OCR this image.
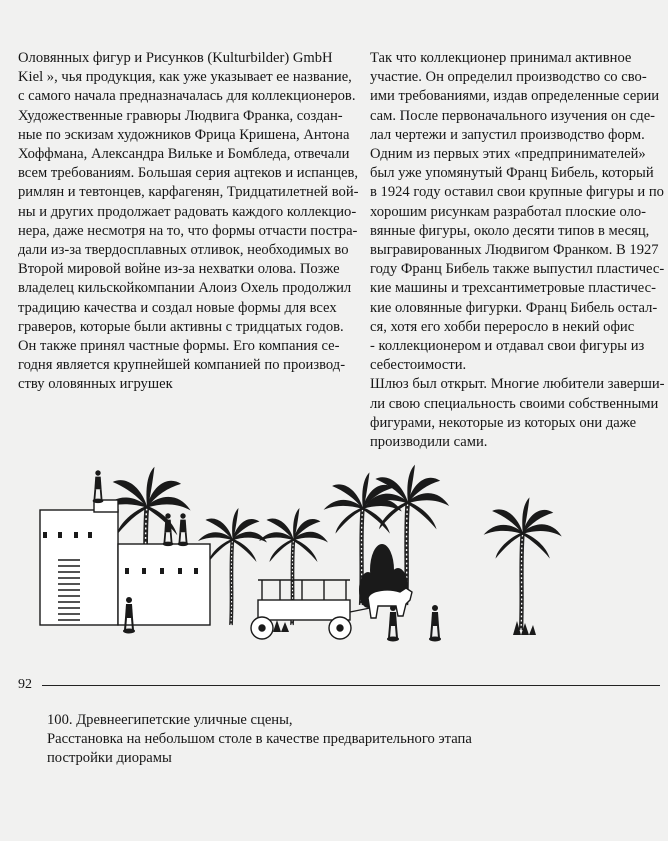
Оловянных фигур и Рисунков (Kulturbilder) GmbH
Kiel », чья продукция, как уже указывает ее название,
с самого начала предназначалась для коллекционеров.
Художественные гравюры Людвига Франка, создан-
ные по эскизам художников Фрица Кришена, Антона
Хоффмана, Александра Вильке и Бомбледа, отвечали
всем требованиям. Большая серия ацтеков и испанцев,
римлян и тевтонцев, карфагенян, Тридцатилетней вой-
ны и других продолжает радовать каждого коллекцио-
нера, даже несмотря на то, что формы отчасти пострa-
дали из-за твердосплавных отливок, необходимых во
Второй мировой войне из-за нехватки олова. Позже
владелец кильскойкомпании Алоиз Охель продолжил
традицию качества и создал новые формы для всех
граверов, которые были активны с тридцатых годов.
Он также принял частные формы. Его компания се-
годня является крупнейшей компанией по производ-
ству оловянных игрушек
Так что коллекционер принимал активное
участие. Он определил производство со сво-
ими требованиями, издав определенные серии
сам. После первоначального изучения он сде-
лал чертежи и запустил производство форм.
Одним из первых этих «предпринимателей»
был уже упомянутый Франц Бибель, который
в 1924 году оставил свои крупные фигуры и по
хорошим рисункам разработал плоские оло-
вянные фигуры, около десяти типов в месяц,
выгравированных Людвигом Франком. В 1927
году Франц Бибель также выпустил пластичес-
кие машины и трехсантиметровые пластичес-
кие оловянные фигурки. Франц Бибель остал-
ся, хотя его хобби переросло в некий офис
- коллекционером и отдавал свои фигуры из
себестоимости.
Шлюз был открыт. Многие любители заверши-
ли свою специальность своими собственными
фигурами, некоторые из которых они даже
производили сами.
92
100. Древнеегипетские уличные сцены,
Расстановка на небольшом столе в качестве предварительного этапа
постройки диорамы
